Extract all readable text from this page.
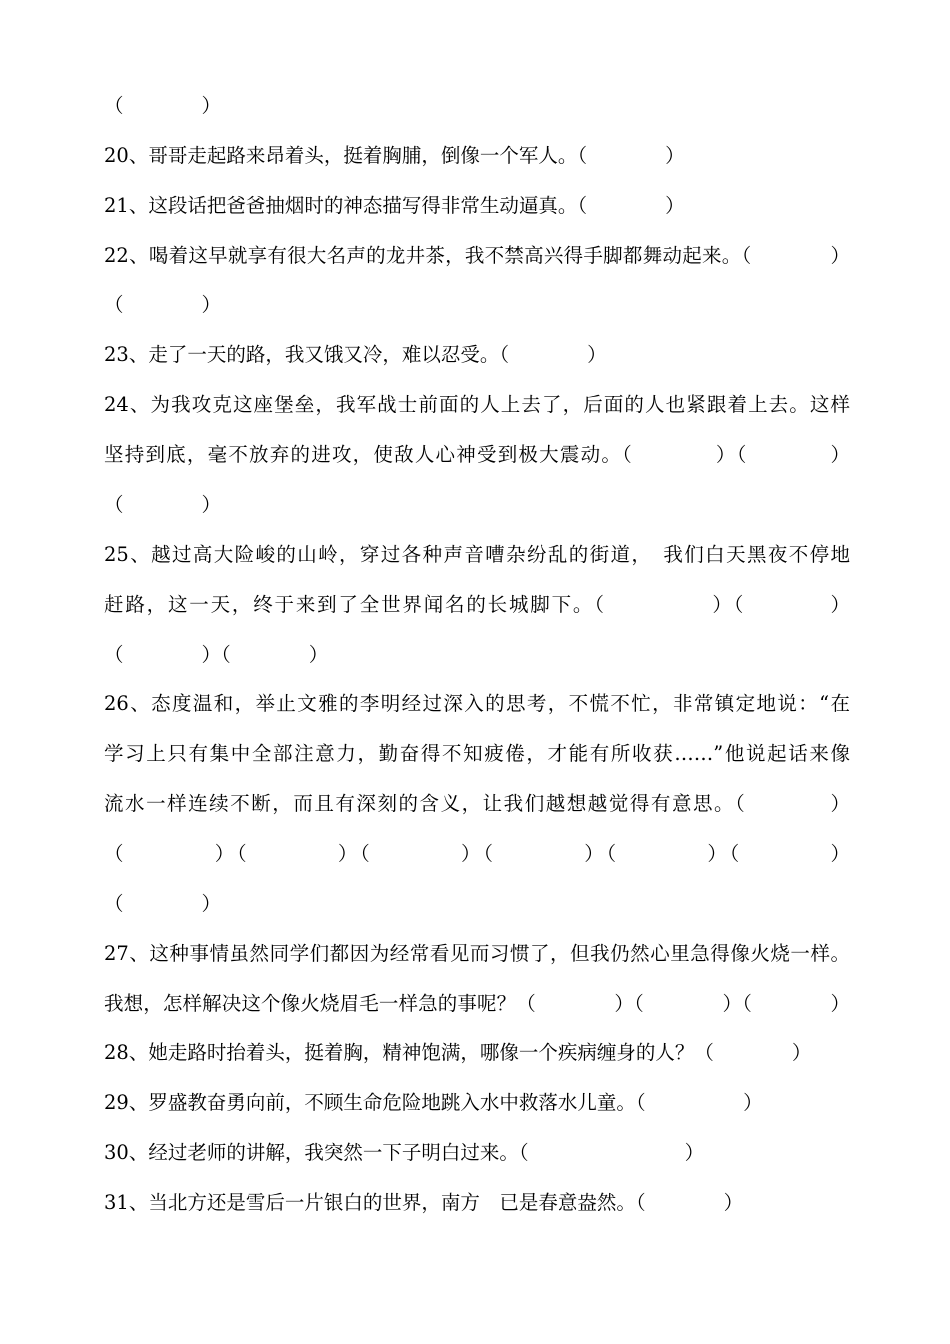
（　　　　）
20、哥哥走起路来昂着头，挺着胸脯，倒像一个军人。（　　　　）
21、这段话把爸爸抽烟时的神态描写得非常生动逼真。（　　　　）
22、喝着这早就享有很大名声的龙井茶，我不禁高兴得手脚都舞动起来。（　　　　）
（　　　　）
23、走了一天的路，我又饿又冷，难以忍受。（　　　　）
24、为我攻克这座堡垒，我军战士前面的人上去了，后面的人也紧跟着上去。这样
坚持到底，毫不放弃的进攻，使敌人心神受到极大震动。（　　　　）（　　　　）
（　　　　）
25、越过高大险峻的山岭，穿过各种声音嘈杂纷乱的街道，　我们白天黑夜不停地
赶路，这一天，终于来到了全世界闻名的长城脚下。（　　　　　）（　　　　）
（　　　　）（　　　　）
26、态度温和，举止文雅的李明经过深入的思考，不慌不忙，非常镇定地说：“在
学习上只有集中全部注意力，勤奋得不知疲倦，才能有所收获……”他说起话来像
流水一样连续不断，而且有深刻的含义，让我们越想越觉得有意思。（　　　　）
（　　　　）（　　　　）（　　　　）（　　　　）（　　　　）（　　　　）
（　　　　）
27、这种事情虽然同学们都因为经常看见而习惯了，但我仍然心里急得像火烧一样。
我想，怎样解决这个像火烧眉毛一样急的事呢？（　　　　）（　　　　）（　　　　）
28、她走路时抬着头，挺着胸，精神饱满，哪像一个疾病缠身的人？（　　　　）
29、罗盛教奋勇向前，不顾生命危险地跳入水中救落水儿童。（　　　　　）
30、经过老师的讲解，我突然一下子明白过来。（　　　　　　　　）
31、当北方还是雪后一片银白的世界，南方　已是春意盎然。（　　　　）
